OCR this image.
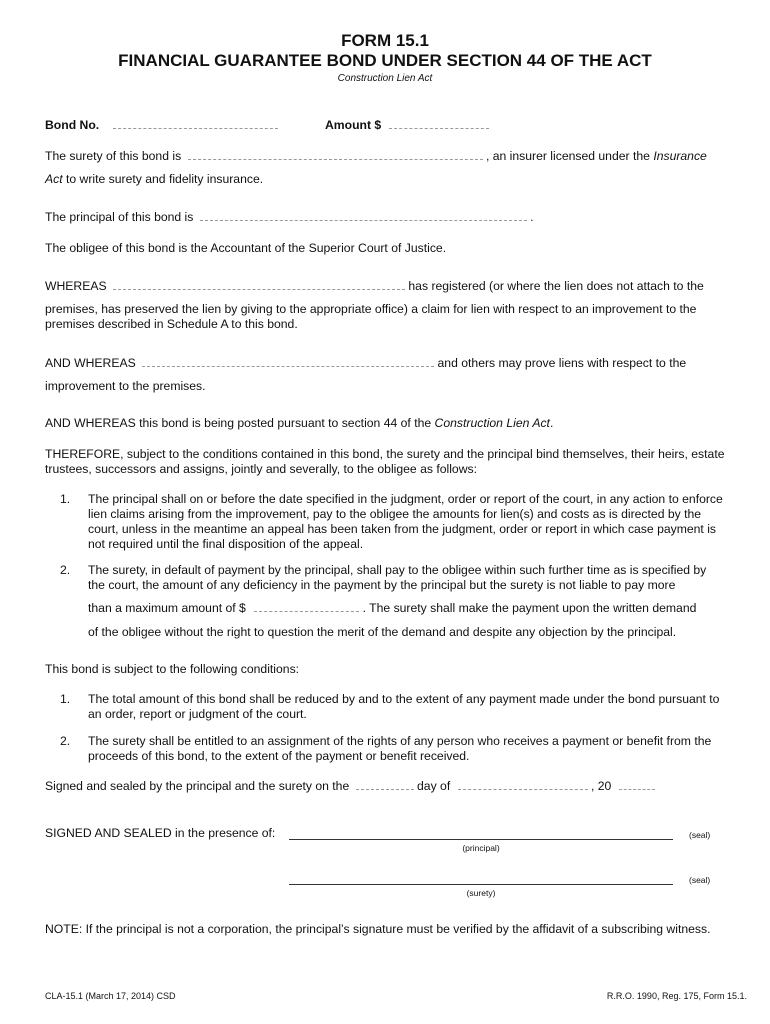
FORM 15.1
FINANCIAL GUARANTEE BOND UNDER SECTION 44 OF THE ACT
Construction Lien Act
Bond No.	Amount $
The surety of this bond is	, an insurer licensed under the Insurance
Act to write surety and fidelity insurance.
The principal of this bond is	.
The obligee of this bond is the Accountant of the Superior Court of Justice.
WHEREAS	has registered (or where the lien does not attach to the
premises, has preserved the lien by giving to the appropriate office) a claim for lien with respect to an improvement to the premises described in Schedule A to this bond.
AND WHEREAS	and others may prove liens with respect to the
improvement to the premises.
AND WHEREAS this bond is being posted pursuant to section 44 of the Construction Lien Act.
THEREFORE, subject to the conditions contained in this bond, the surety and the principal bind themselves, their heirs, estate trustees, successors and assigns, jointly and severally, to the obligee as follows:
1.	The principal shall on or before the date specified in the judgment, order or report of the court, in any action to enforce lien claims arising from the improvement, pay to the obligee the amounts for lien(s) and costs as is directed by the court, unless in the meantime an appeal has been taken from the judgment, order or report in which case payment is not required until the final disposition of the appeal.
2.	The surety, in default of payment by the principal, shall pay to the obligee within such further time as is specified by the court, the amount of any deficiency in the payment by the principal but the surety is not liable to pay more
than a maximum amount of $	. The surety shall make the payment upon the written demand
of the obligee without the right to question the merit of the demand and despite any objection by the principal.
This bond is subject to the following conditions:
1.	The total amount of this bond shall be reduced by and to the extent of any payment made under the bond pursuant to an order, report or judgment of the court.
2.	The surety shall be entitled to an assignment of the rights of any person who receives a payment or benefit from the proceeds of this bond, to the extent of the payment or benefit received.
Signed and sealed by the principal and the surety on the	day of	, 20
SIGNED AND SEALED in the presence of:	(seal)
(principal)
(seal)
(surety)
NOTE: If the principal is not a corporation, the principal’s signature must be verified by the affidavit of a subscribing witness.
CLA-15.1 (March 17, 2014) CSD	R.R.O. 1990, Reg. 175, Form 15.1.
